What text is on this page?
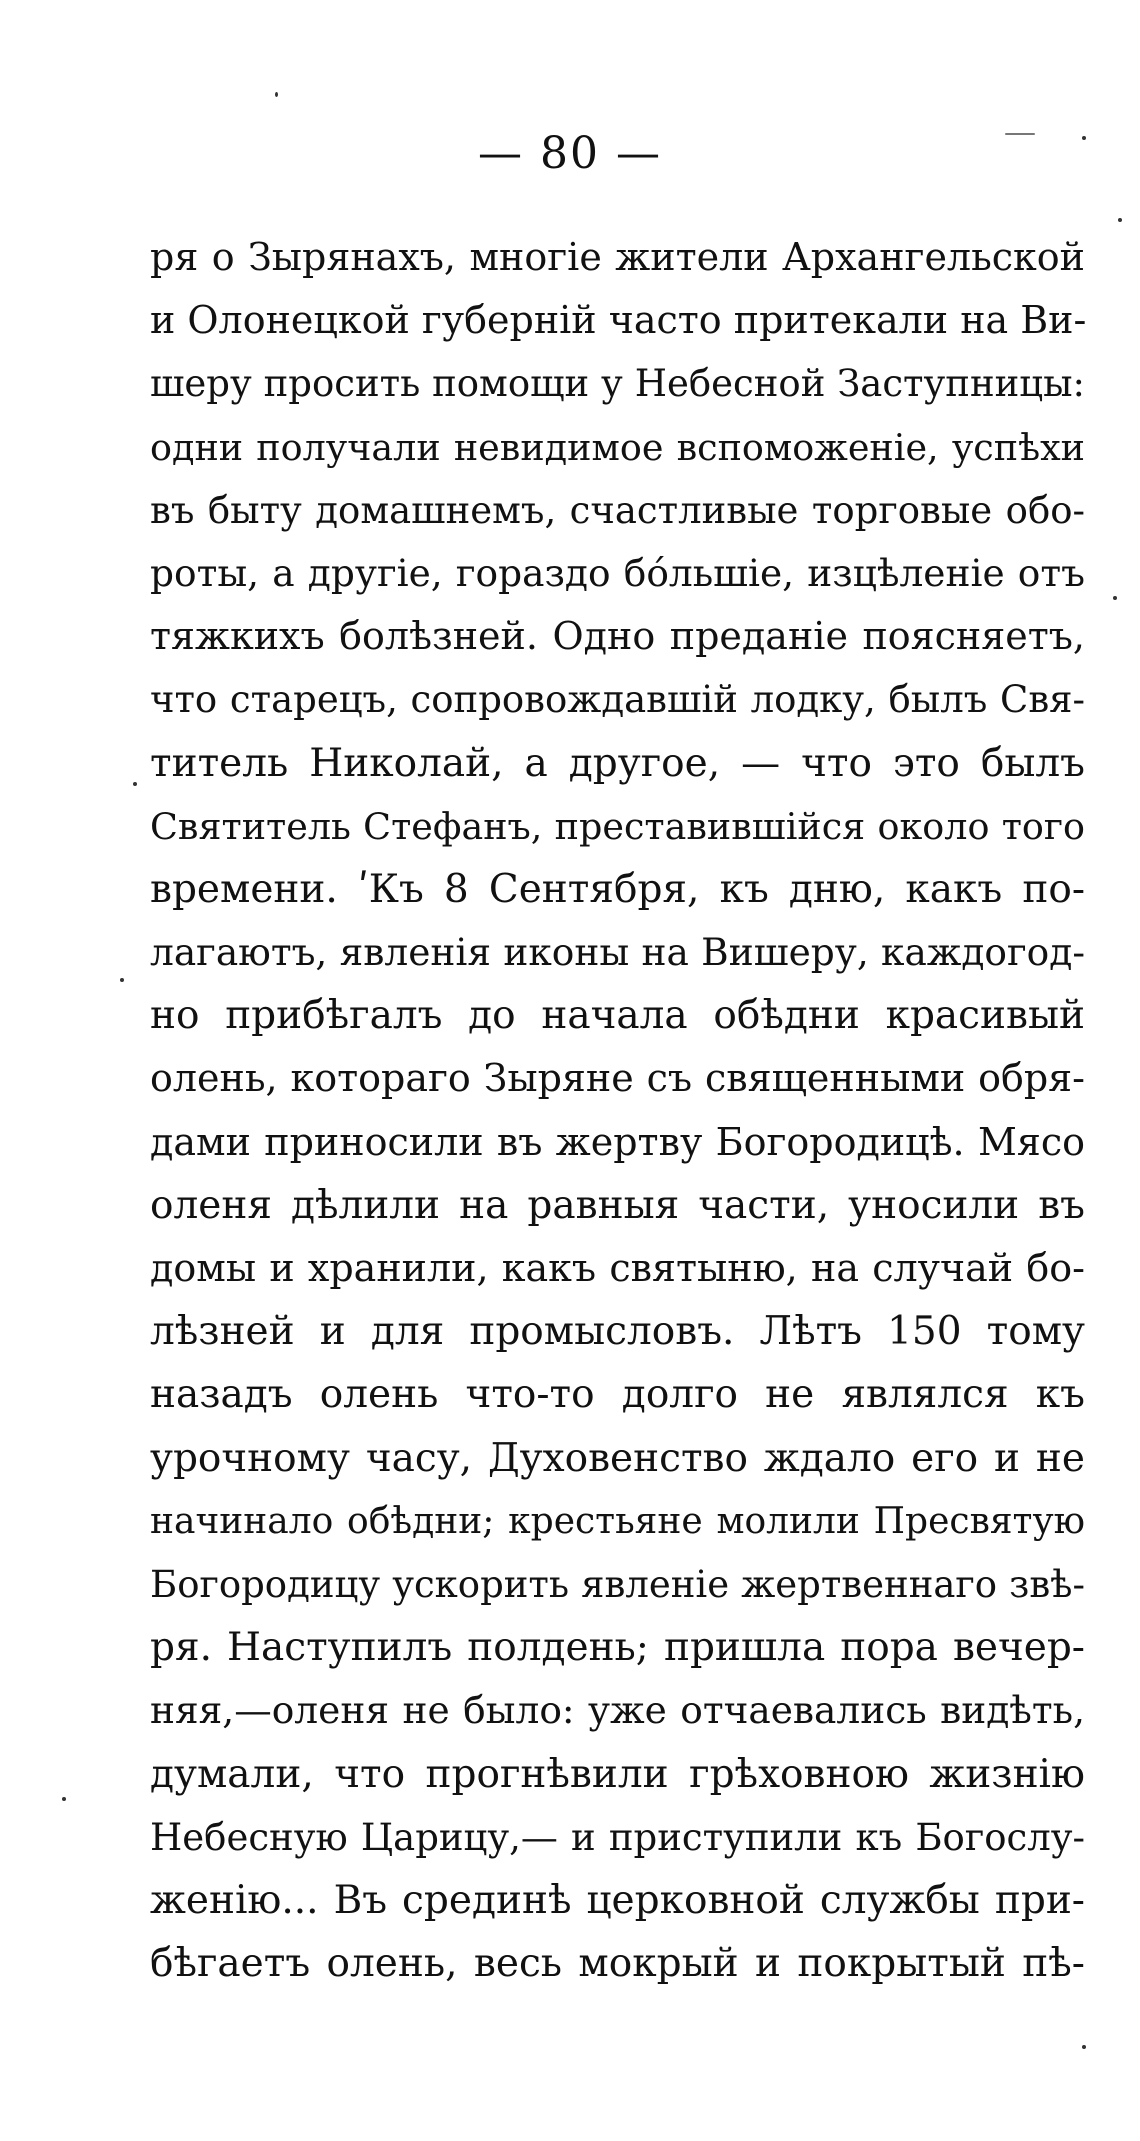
— 80 —
ря о Зырянахъ, многiе жители Архангельской
и Олонецкой губернiй часто притекали на Ви-
шеру просить помощи у Небесной Заступницы:
одни получали невидимое вспоможенiе, успѣхи
въ быту домашнемъ, счастливые торговые обо-
роты, а другiе, гораздо бóльшiе, изцѣленiе отъ
тяжкихъ болѣзней. Одно преданiе поясняетъ,
что старецъ, сопровождавшiй лодку, былъ Свя-
титель Николай, а другое, — что это былъ
Святитель Стефанъ, преставившiйся около того
времени. ʹКъ 8 Сентября, къ дню, какъ по-
лагаютъ, явленiя иконы на Вишеру, каждогод-
но прибѣгалъ до начала обѣдни красивый
олень, котораго Зыряне съ священными обря-
дами приносили въ жертву Богородицѣ. Мясо
оленя дѣлили на равныя части, уносили въ
домы и хранили, какъ святыню, на случай бо-
лѣзней и для промысловъ. Лѣтъ 150 тому
назадъ олень что-то долго не являлся къ
урочному часу, Духовенство ждало его и не
начинало обѣдни; крестьяне молили Пресвятую
Богородицу ускорить явленiе жертвеннаго звѣ-
ря. Наступилъ полдень; пришла пора вечер-
няя,—оленя не было: уже отчаевались видѣть,
думали, что прогнѣвили грѣховною жизнiю
Небесную Царицу,— и приступили къ Богослу-
женiю... Въ срединѣ церковной службы при-
бѣгаетъ олень, весь мокрый и покрытый пѣ-
